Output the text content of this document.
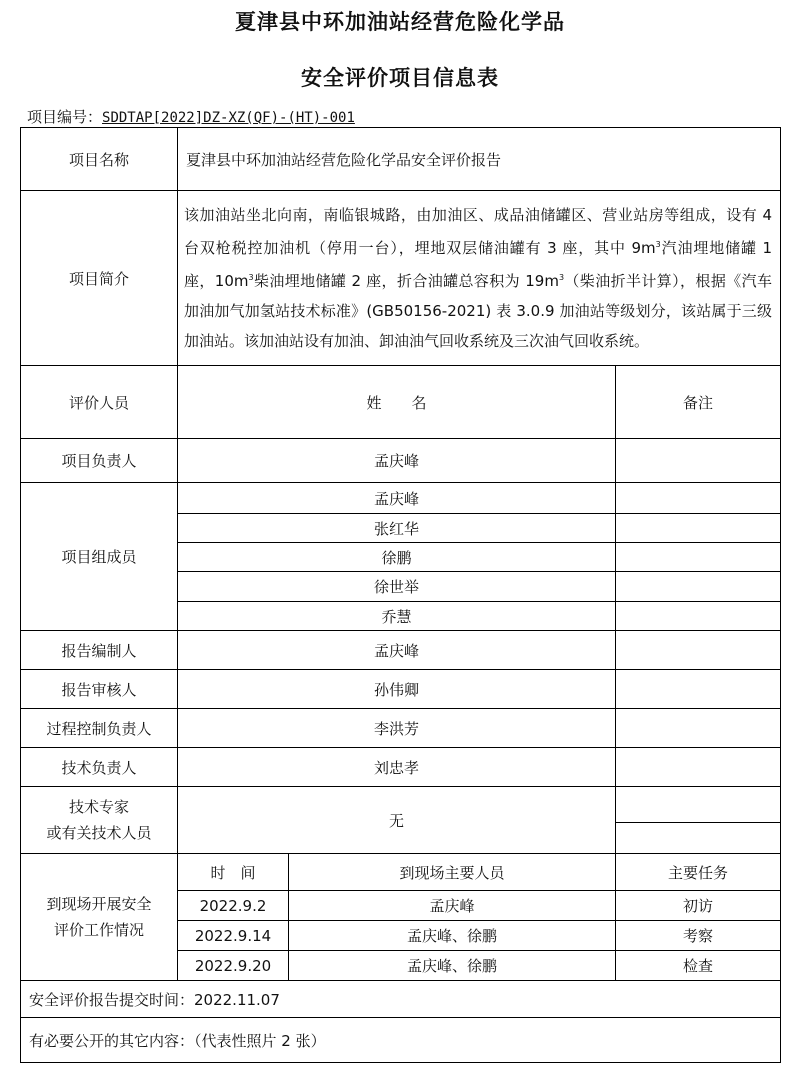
夏津县中环加油站经营危险化学品
安全评价项目信息表
项目编号：SDDTAP[2022]DZ-XZ(QF)-(HT)-001
项目名称	夏津县中环加油站经营危险化学品安全评价报告		
项目简介	该加油站坐北向南，南临银城路，由加油区、成品油储罐区、营业站房等组成，设有 4 台双枪税控加油机（停用一台），埋地双层储油罐有 3 座，其中 $9m^3$汽油埋地储罐 1 座，$10m^3$柴油埋地储罐 2 座，折合油罐总容积为 $19m^3$（柴油折半计算），根据《汽车加油加气加氢站技术标准》(GB50156-2021) 表 3.0.9 加油站等级划分，该站属于三级加油站。该加油站设有加油、卸油油气回收系统及三次油气回收系统。		
评价人员	姓　　名		备注
项目负责人	孟庆峰		
项目组成员	孟庆峰		
	张红华		
	徐鹏		
	徐世举		
	乔慧		
报告编制人	孟庆峰		
报告审核人	孙伟卿		
过程控制负责人	李洪芳		
技术负责人	刘忠孝		

技术专家
或有关技术人员	无		

到现场开展安全
评价工作情况	时　间	到现场主要人员	主要任务
	2022.9.2	孟庆峰	初访
	2022.9.14	孟庆峰、徐鹏	考察
	2022.9.20	孟庆峰、徐鹏	检查
安全评价报告提交时间：2022.11.07			
有必要公开的其它内容：（代表性照片 2 张）			
